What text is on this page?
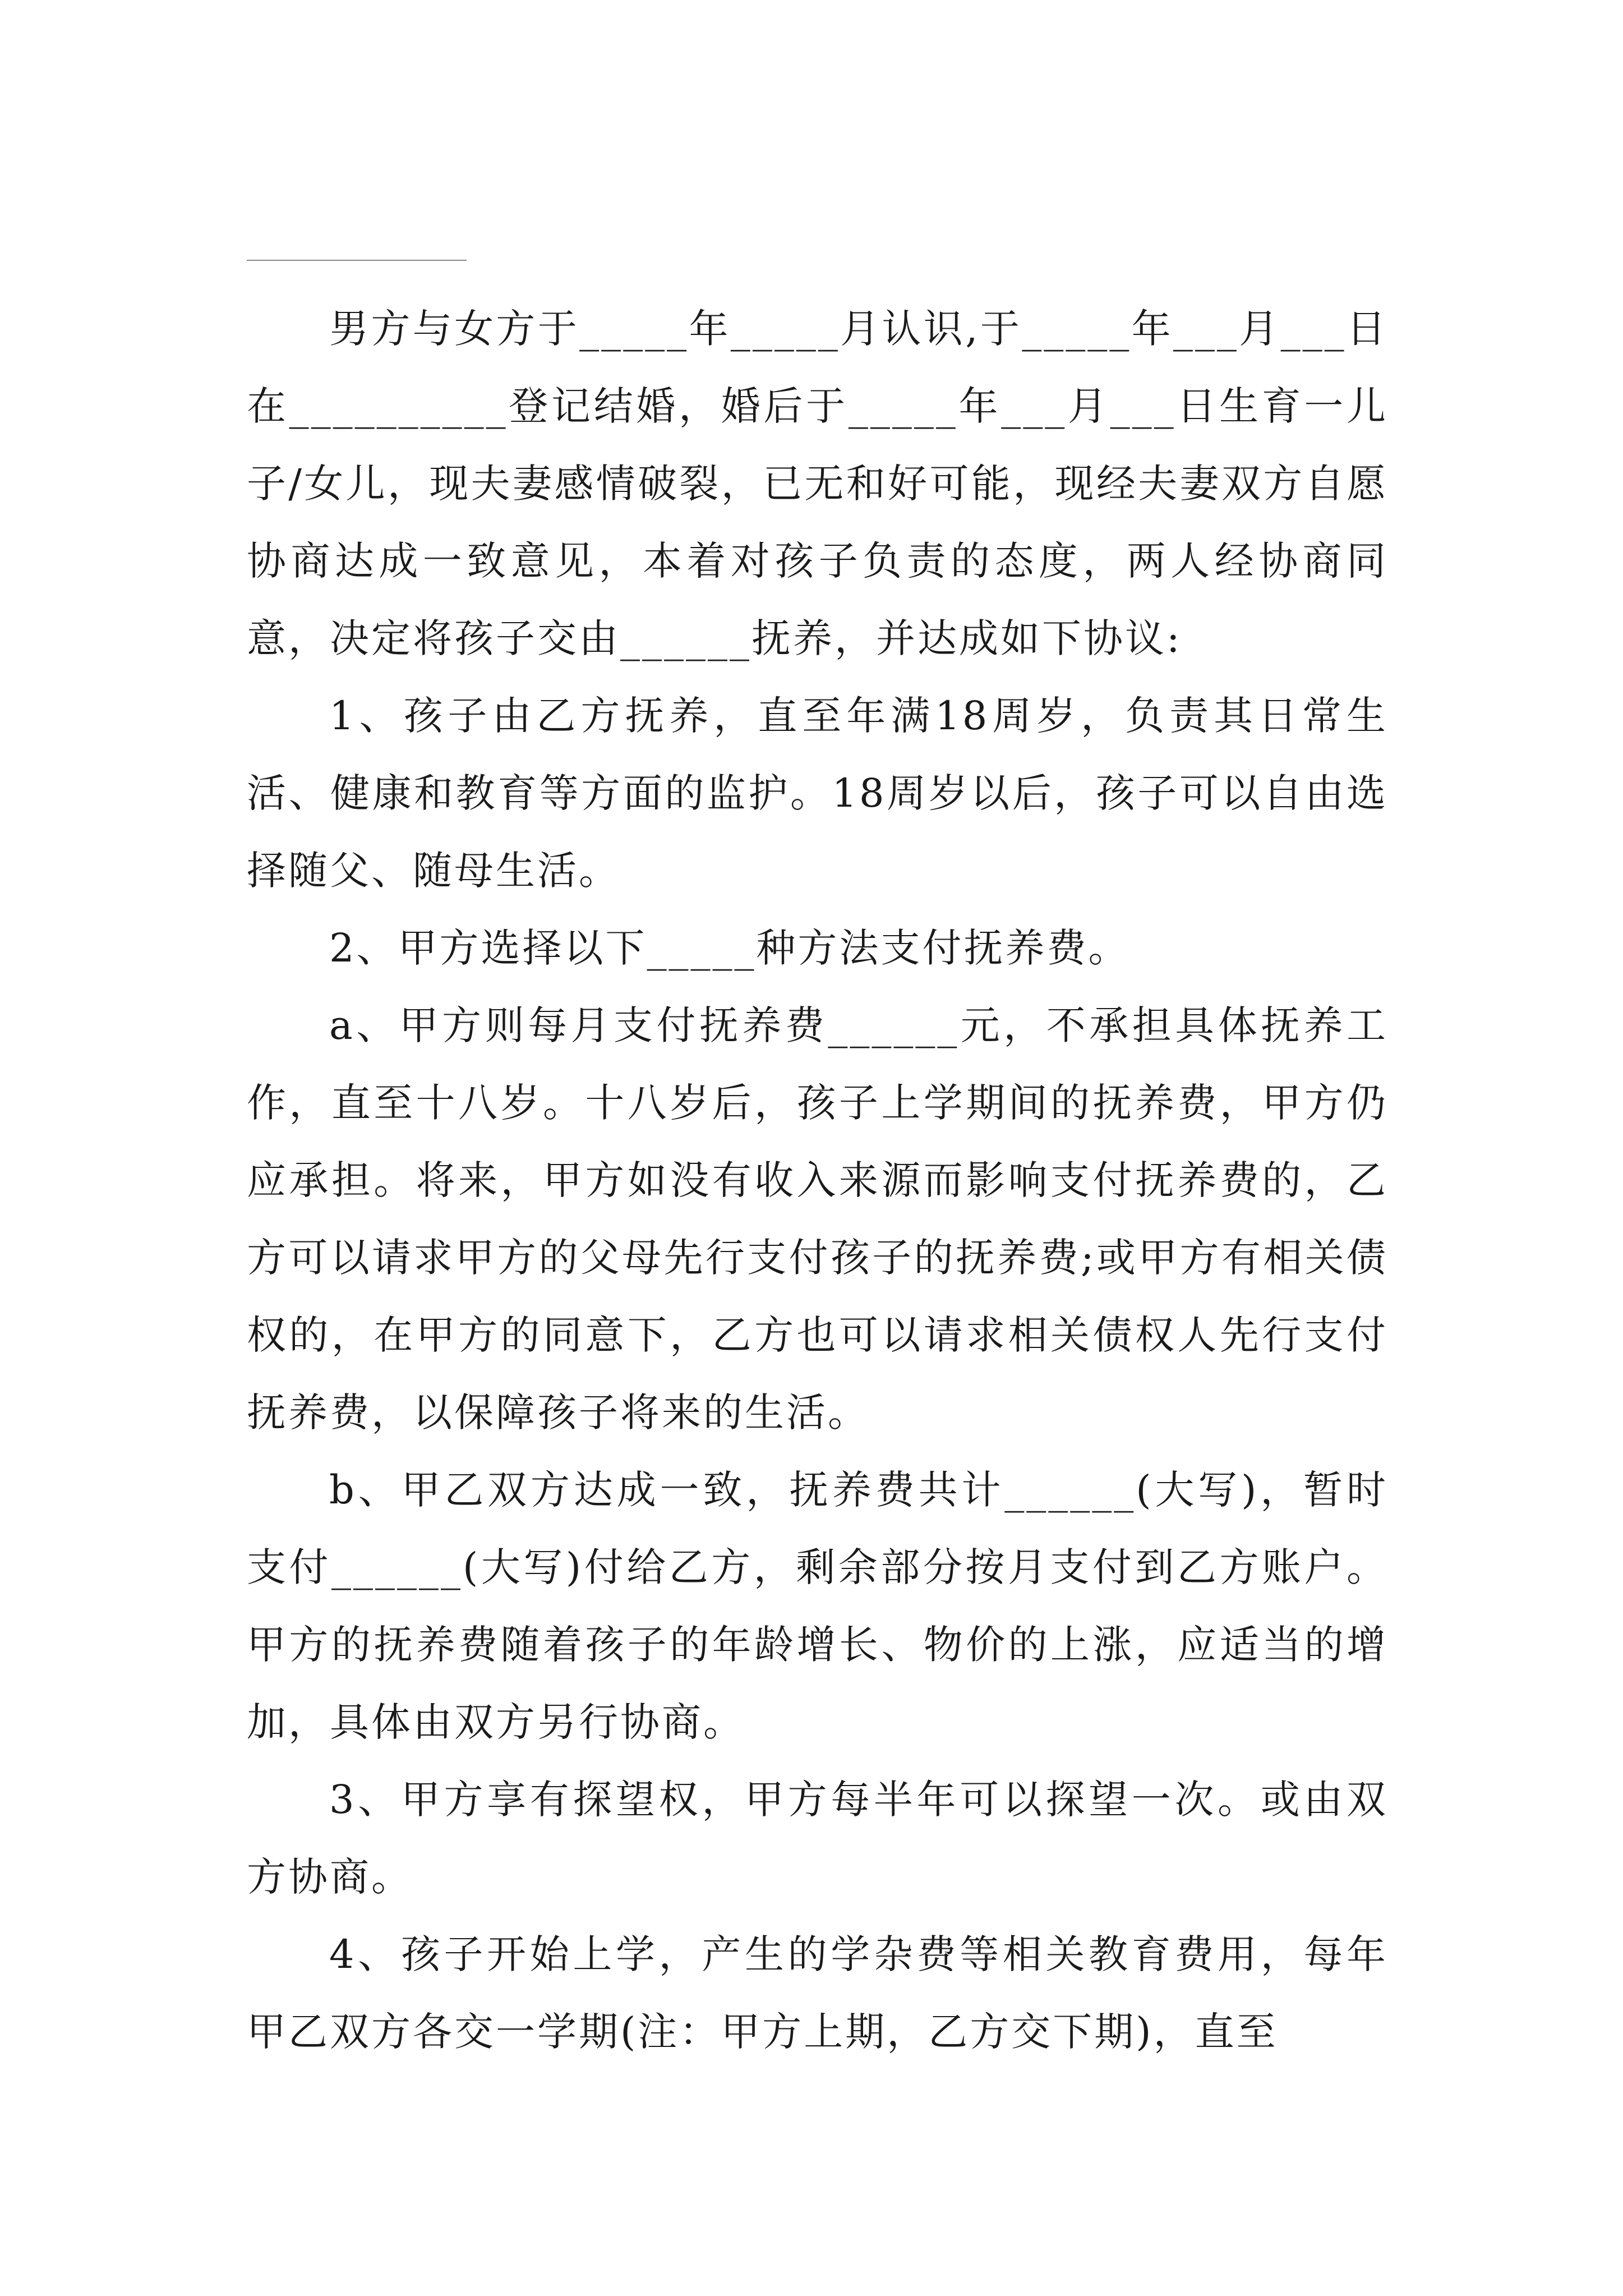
男方与女方于_____年_____月认识,于_____年___月___日在__________登记结婚，婚后于_____年___月___日生育一儿子/女儿，现夫妻感情破裂，已无和好可能，现经夫妻双方自愿协商达成一致意见，本着对孩子负责的态度，两人经协商同意，决定将孩子交由______抚养，并达成如下协议:

1、孩子由乙方抚养，直至年满18周岁，负责其日常生活、健康和教育等方面的监护。18周岁以后，孩子可以自由选择随父、随母生活。

2、甲方选择以下_____种方法支付抚养费。

a、甲方则每月支付抚养费______元，不承担具体抚养工作，直至十八岁。十八岁后，孩子上学期间的抚养费，甲方仍应承担。将来，甲方如没有收入来源而影响支付抚养费的，乙方可以请求甲方的父母先行支付孩子的抚养费;或甲方有相关债权的，在甲方的同意下，乙方也可以请求相关债权人先行支付抚养费，以保障孩子将来的生活。

b、甲乙双方达成一致，抚养费共计______(大写)，暂时支付______(大写)付给乙方，剩余部分按月支付到乙方账户。甲方的抚养费随着孩子的年龄增长、物价的上涨，应适当的增加，具体由双方另行协商。

3、甲方享有探望权，甲方每半年可以探望一次。或由双方协商。

4、孩子开始上学，产生的学杂费等相关教育费用，每年甲乙双方各交一学期(注：甲方上期，乙方交下期)，直至
